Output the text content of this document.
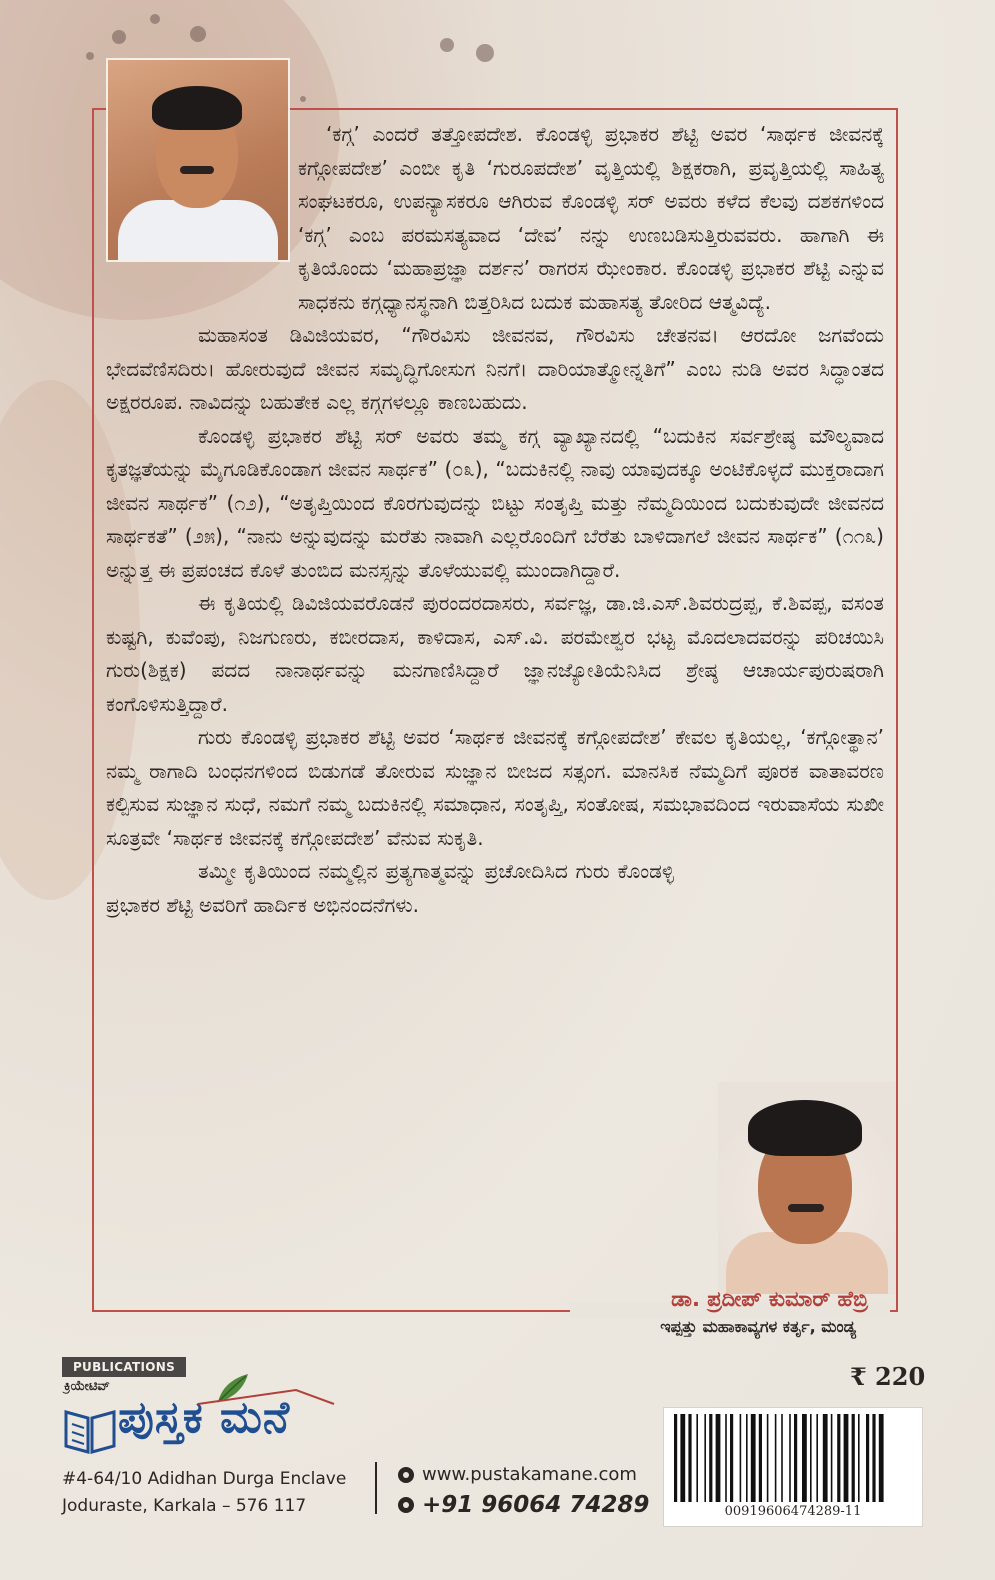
‘ಕಗ್ಗ’ ಎಂದರೆ ತತ್ತೋಪದೇಶ. ಕೊಂಡಳ್ಳಿ ಪ್ರಭಾಕರ ಶೆಟ್ಟಿ ಅವರ ‘ಸಾರ್ಥಕ ಜೀವನಕ್ಕೆ ಕಗ್ಗೋಪದೇಶ’ ಎಂಬೀ ಕೃತಿ ‘ಗುರೂಪದೇಶ’ ವೃತ್ತಿಯಲ್ಲಿ ಶಿಕ್ಷಕರಾಗಿ, ಪ್ರವೃತ್ತಿಯಲ್ಲಿ ಸಾಹಿತ್ಯ ಸಂಘಟಕರೂ, ಉಪನ್ಯಾಸಕರೂ ಆಗಿರುವ ಕೊಂಡಳ್ಳಿ ಸರ್ ಅವರು ಕಳೆದ ಕೆಲವು ದಶಕಗಳಿಂದ ‘ಕಗ್ಗ’ ಎಂಬ ಪರಮಸತ್ಯವಾದ ‘ದೇವ’ ನನ್ನು ಉಣಬಡಿಸುತ್ತಿರುವವರು. ಹಾಗಾಗಿ ಈ ಕೃತಿಯೊಂದು ‘ಮಹಾಪ್ರಜ್ಞಾ ದರ್ಶನ’ ರಾಗರಸ ಝೇಂಕಾರ. ಕೊಂಡಳ್ಳಿ ಪ್ರಭಾಕರ ಶೆಟ್ಟಿ ಎನ್ನುವ ಸಾಧಕನು ಕಗ್ಗಧ್ಯಾನಸ್ಥನಾಗಿ ಬಿತ್ತರಿಸಿದ ಬದುಕ ಮಹಾಸತ್ಯ ತೋರಿದ ಆತ್ಮವಿದ್ಯೆ.

ಮಹಾಸಂತ ಡಿವಿಜಿಯವರ, “ಗೌರವಿಸು ಜೀವನವ, ಗೌರವಿಸು ಚೇತನವ। ಆರದೋ ಜಗವೆಂದು ಭೇದವೆಣಿಸದಿರು। ಹೋರುವುದೆ ಜೀವನ ಸಮೃದ್ಧಿಗೋಸುಗ ನಿನಗೆ। ದಾರಿಯಾತ್ಮೋನ್ನತಿಗೆ” ಎಂಬ ನುಡಿ ಅವರ ಸಿದ್ಧಾಂತದ ಅಕ್ಷರರೂಪ. ನಾವಿದನ್ನು ಬಹುತೇಕ ಎಲ್ಲ ಕಗ್ಗಗಳಲ್ಲೂ ಕಾಣಬಹುದು.

ಕೊಂಡಳ್ಳಿ ಪ್ರಭಾಕರ ಶೆಟ್ಟಿ ಸರ್ ಅವರು ತಮ್ಮ ಕಗ್ಗ ವ್ಯಾಖ್ಯಾನದಲ್ಲಿ “ಬದುಕಿನ ಸರ್ವಶ್ರೇಷ್ಠ ಮೌಲ್ಯವಾದ ಕೃತಜ್ಞತೆಯನ್ನು ಮೈಗೂಡಿಕೊಂಡಾಗ ಜೀವನ ಸಾರ್ಥಕ” (೦೩), “ಬದುಕಿನಲ್ಲಿ ನಾವು ಯಾವುದಕ್ಕೂ ಅಂಟಿಕೊಳ್ಳದೆ ಮುಕ್ತರಾದಾಗ ಜೀವನ ಸಾರ್ಥಕ” (೧೨), “ಅತೃಪ್ತಿಯಿಂದ ಕೊರಗುವುದನ್ನು ಬಿಟ್ಟು ಸಂತೃಪ್ತಿ ಮತ್ತು ನೆಮ್ಮದಿಯಿಂದ ಬದುಕುವುದೇ ಜೀವನದ ಸಾರ್ಥಕತೆ” (೨೫), “ನಾನು ಅನ್ನುವುದನ್ನು ಮರೆತು ನಾವಾಗಿ ಎಲ್ಲರೊಂದಿಗೆ ಬೆರೆತು ಬಾಳಿದಾಗಲೆ ಜೀವನ ಸಾರ್ಥಕ” (೧೧೩) ಅನ್ನುತ್ತ ಈ ಪ್ರಪಂಚದ ಕೊಳೆ ತುಂಬಿದ ಮನಸ್ಸನ್ನು ತೊಳೆಯುವಲ್ಲಿ ಮುಂದಾಗಿದ್ದಾರೆ.

ಈ ಕೃತಿಯಲ್ಲಿ ಡಿವಿಜಿಯವರೊಡನೆ ಪುರಂದರದಾಸರು, ಸರ್ವಜ್ಞ, ಡಾ.ಜಿ.ಎಸ್.ಶಿವರುದ್ರಪ್ಪ, ಕೆ.ಶಿವಪ್ಪ, ವಸಂತ ಕುಷ್ಟಗಿ, ಕುವೆಂಪು, ನಿಜಗುಣರು, ಕಬೀರದಾಸ, ಕಾಳಿದಾಸ, ಎಸ್.ವಿ. ಪರಮೇಶ್ವರ ಭಟ್ಟ ಮೊದಲಾದವರನ್ನು ಪರಿಚಯಿಸಿ ಗುರು(ಶಿಕ್ಷಕ) ಪದದ ನಾನಾರ್ಥವನ್ನು ಮನಗಾಣಿಸಿದ್ದಾರೆ ಜ್ಞಾನಜ್ಯೋತಿಯೆನಿಸಿದ ಶ್ರೇಷ್ಠ ಆಚಾರ್ಯಪುರುಷರಾಗಿ ಕಂಗೊಳಿಸುತ್ತಿದ್ದಾರೆ.

ಗುರು ಕೊಂಡಳ್ಳಿ ಪ್ರಭಾಕರ ಶೆಟ್ಟಿ ಅವರ ‘ಸಾರ್ಥಕ ಜೀವನಕ್ಕೆ ಕಗ್ಗೋಪದೇಶ’ ಕೇವಲ ಕೃತಿಯಲ್ಲ, ‘ಕಗ್ಗೋತ್ಥಾನ’ ನಮ್ಮ ರಾಗಾದಿ ಬಂಧನಗಳಿಂದ ಬಿಡುಗಡೆ ತೋರುವ ಸುಜ್ಞಾನ ಬೀಜದ ಸತ್ಸಂಗ. ಮಾನಸಿಕ ನೆಮ್ಮದಿಗೆ ಪೂರಕ ವಾತಾವರಣ ಕಲ್ಪಿಸುವ ಸುಜ್ಞಾನ ಸುಧೆ, ನಮಗೆ ನಮ್ಮ ಬದುಕಿನಲ್ಲಿ ಸಮಾಧಾನ, ಸಂತೃಪ್ತಿ, ಸಂತೋಷ, ಸಮಭಾವದಿಂದ ಇರುವಾಸೆಯ ಸುಖೀ ಸೂತ್ರವೇ ‘ಸಾರ್ಥಕ ಜೀವನಕ್ಕೆ ಕಗ್ಗೋಪದೇಶ’ ವೆನುವ ಸುಕೃತಿ.

ತಮ್ಮೀ ಕೃತಿಯಿಂದ ನಮ್ಮಲ್ಲಿನ ಪ್ರತ್ಯಗಾತ್ಮವನ್ನು ಪ್ರಚೋದಿಸಿದ ಗುರು ಕೊಂಡಳ್ಳಿ ಪ್ರಭಾಕರ ಶೆಟ್ಟಿ ಅವರಿಗೆ ಹಾರ್ದಿಕ ಅಭಿನಂದನೆಗಳು.

ಡಾ. ಪ್ರದೀಪ್ ಕುಮಾರ್ ಹೆಬ್ರಿ
ಇಪ್ಪತ್ತು ಮಹಾಕಾವ್ಯಗಳ ಕರ್ತೃ, ಮಂಡ್ಯ
PUBLICATIONS
ಕ್ರಿಯೇಟಿವ್
ಪುಸ್ತಕ ಮನೆ
#4-64/10 Adidhan Durga Enclave
Joduraste, Karkala – 576 117
www.pustakamane.com
+91 96064 74289
₹ 220
00919606474289-11
